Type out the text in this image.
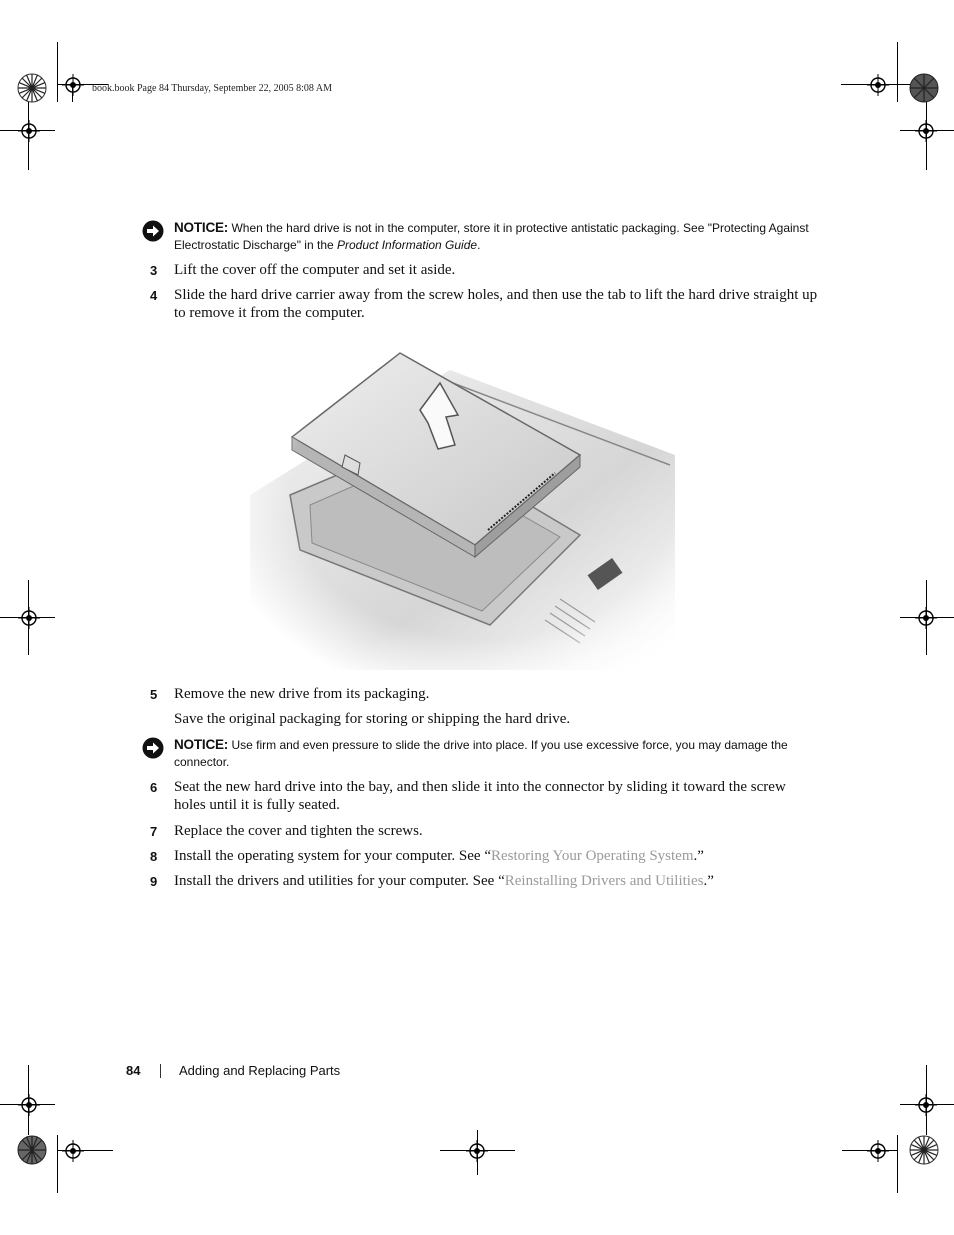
book.book Page 84 Thursday, September 22, 2005 8:08 AM
NOTICE: When the hard drive is not in the computer, store it in protective antistatic packaging. See "Protecting Against Electrostatic Discharge" in the Product Information Guide.
3 Lift the cover off the computer and set it aside.
4 Slide the hard drive carrier away from the screw holes, and then use the tab to lift the hard drive straight up to remove it from the computer.
5 Remove the new drive from its packaging.
Save the original packaging for storing or shipping the hard drive.
NOTICE: Use firm and even pressure to slide the drive into place. If you use excessive force, you may damage the connector.
6 Seat the new hard drive into the bay, and then slide it into the connector by sliding it toward the screw holes until it is fully seated.
7 Replace the cover and tighten the screws.
8 Install the operating system for your computer. See “Restoring Your Operating System.”
9 Install the drivers and utilities for your computer. See “Reinstalling Drivers and Utilities.”
84	Adding and Replacing Parts
